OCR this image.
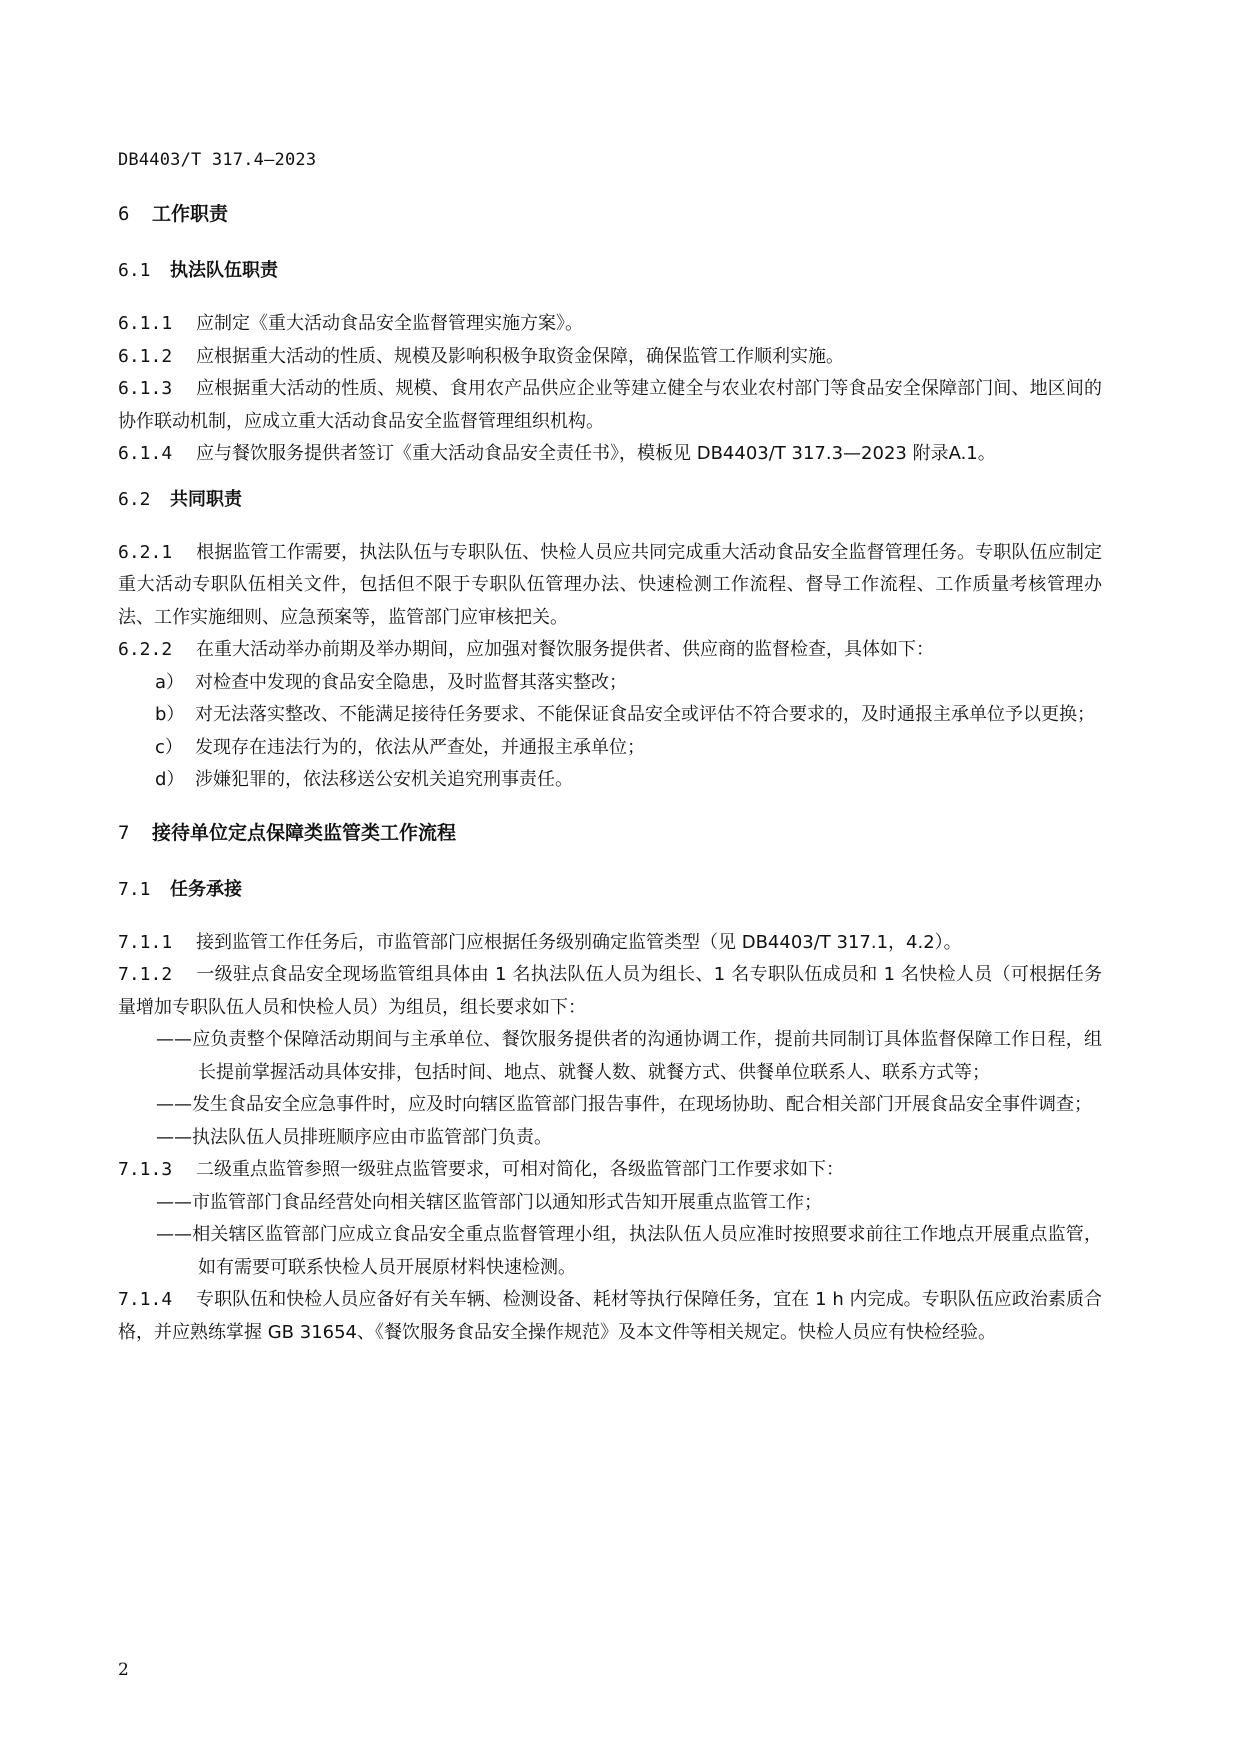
DB4403/T 317.4—2023
6 工作职责
6.1 执法队伍职责

6.1.1 应制定《重大活动食品安全监督管理实施方案》。

6.1.2 应根据重大活动的性质、规模及影响积极争取资金保障，确保监管工作顺利实施。

6.1.3 应根据重大活动的性质、规模、食用农产品供应企业等建立健全与农业农村部门等食品安全保障部门间、地区间的协作联动机制，应成立重大活动食品安全监督管理组织机构。

6.1.4 应与餐饮服务提供者签订《重大活动食品安全责任书》，模板见 DB4403/T 317.3—2023 附录A.1。

6.2 共同职责

6.2.1 根据监管工作需要，执法队伍与专职队伍、快检人员应共同完成重大活动食品安全监督管理任务。专职队伍应制定重大活动专职队伍相关文件，包括但不限于专职队伍管理办法、快速检测工作流程、督导工作流程、工作质量考核管理办法、工作实施细则、应急预案等，监管部门应审核把关。

6.2.2 在重大活动举办前期及举办期间，应加强对餐饮服务提供者、供应商的监督检查，具体如下：

a） 对检查中发现的食品安全隐患，及时监督其落实整改；

b） 对无法落实整改、不能满足接待任务要求、不能保证食品安全或评估不符合要求的，及时通报主承单位予以更换；

c） 发现存在违法行为的，依法从严查处，并通报主承单位；

d） 涉嫌犯罪的，依法移送公安机关追究刑事责任。

7 接待单位定点保障类监管类工作流程
7.1 任务承接

7.1.1 接到监管工作任务后，市监管部门应根据任务级别确定监管类型（见 DB4403/T 317.1，4.2）。

7.1.2 一级驻点食品安全现场监管组具体由 1 名执法队伍人员为组长、1 名专职队伍成员和 1 名快检人员（可根据任务量增加专职队伍人员和快检人员）为组员，组长要求如下：

——应负责整个保障活动期间与主承单位、餐饮服务提供者的沟通协调工作，提前共同制订具体监督保障工作日程，组长提前掌握活动具体安排，包括时间、地点、就餐人数、就餐方式、供餐单位联系人、联系方式等；

——发生食品安全应急事件时，应及时向辖区监管部门报告事件，在现场协助、配合相关部门开展食品安全事件调查；

——执法队伍人员排班顺序应由市监管部门负责。

7.1.3 二级重点监管参照一级驻点监管要求，可相对简化，各级监管部门工作要求如下：

——市监管部门食品经营处向相关辖区监管部门以通知形式告知开展重点监管工作；

——相关辖区监管部门应成立食品安全重点监督管理小组，执法队伍人员应准时按照要求前往工作地点开展重点监管，如有需要可联系快检人员开展原材料快速检测。

7.1.4 专职队伍和快检人员应备好有关车辆、检测设备、耗材等执行保障任务，宜在 1 h 内完成。专职队伍应政治素质合格，并应熟练掌握 GB 31654、《餐饮服务食品安全操作规范》及本文件等相关规定。快检人员应有快检经验。

2
